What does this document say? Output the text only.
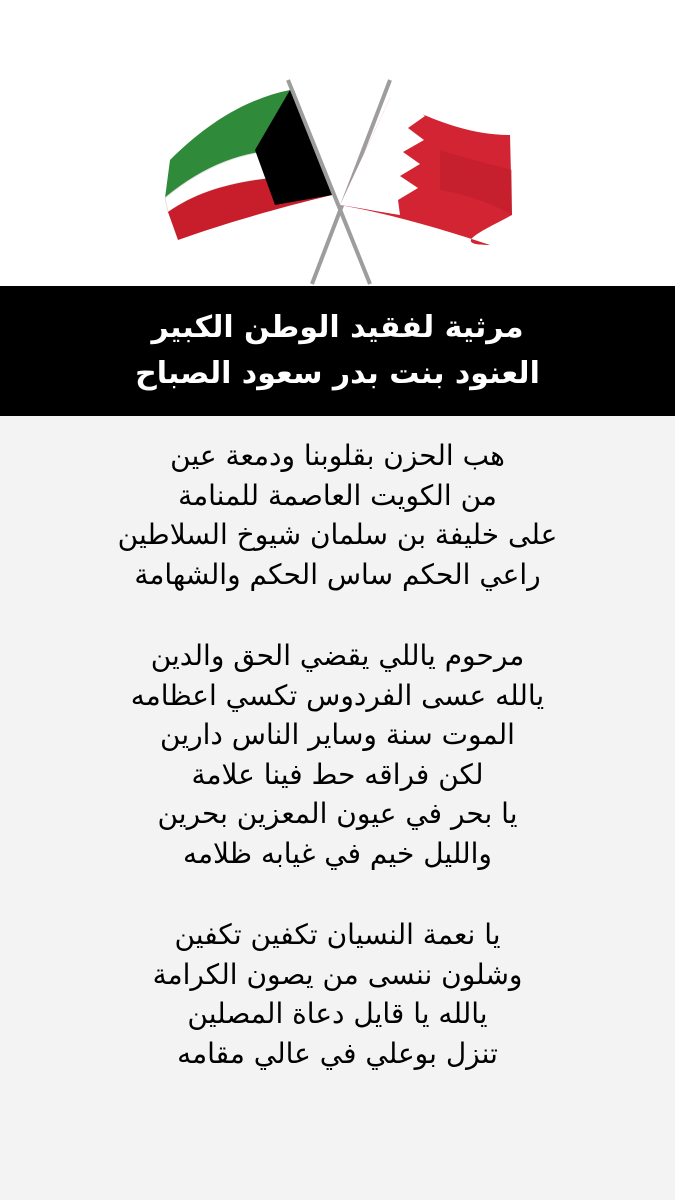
مرثية لفقيد الوطن الكبير
العنود بنت بدر سعود الصباح
هب الحزن بقلوبنا ودمعة عين
من الكويت العاصمة للمنامة
على خليفة بن سلمان شيوخ السلاطين
راعي الحكم ساس الحكم والشهامة
مرحوم ياللي يقضي الحق والدين
يالله عسى الفردوس تكسي اعظامه
الموت سنة وساير الناس دارين
لكن فراقه حط فينا علامة
يا بحر في عيون المعزين بحرين
والليل خيم في غيابه ظلامه
يا نعمة النسيان تكفين تكفين
وشلون ننسى من يصون الكرامة
يالله يا قايل دعاة المصلين
تنزل بوعلي في عالي مقامه
